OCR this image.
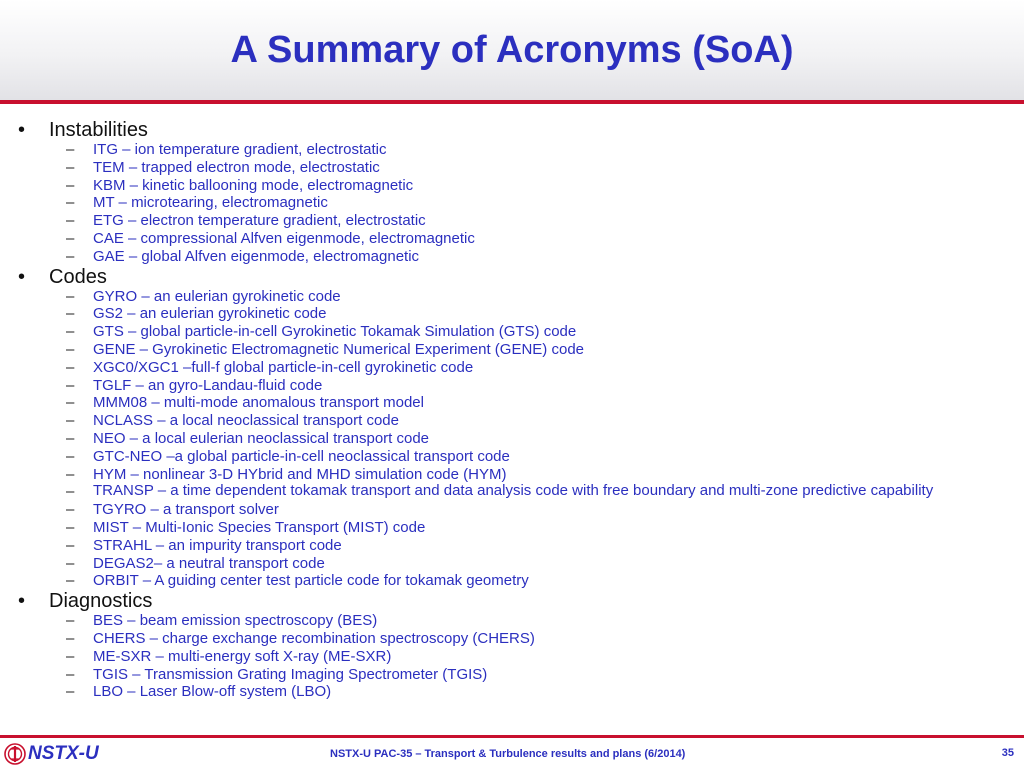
A Summary of Acronyms (SoA)
• Instabilities
– ITG – ion temperature gradient, electrostatic
– TEM – trapped electron mode, electrostatic
– KBM – kinetic ballooning mode, electromagnetic
– MT – microtearing, electromagnetic
– ETG – electron temperature gradient, electrostatic
– CAE – compressional Alfven eigenmode, electromagnetic
– GAE – global Alfven eigenmode, electromagnetic
• Codes
– GYRO – an eulerian gyrokinetic code
– GS2 – an eulerian gyrokinetic code
– GTS – global particle-in-cell Gyrokinetic Tokamak Simulation (GTS) code
– GENE – Gyrokinetic Electromagnetic Numerical Experiment (GENE) code
– XGC0/XGC1 –full-f global particle-in-cell gyrokinetic code
– TGLF – an gyro-Landau-fluid code
– MMM08 – multi-mode anomalous transport model
– NCLASS – a local neoclassical transport code
– NEO – a local eulerian neoclassical transport code
– GTC-NEO –a global particle-in-cell neoclassical transport code
– HYM – nonlinear 3-D HYbrid and MHD simulation code (HYM)
– TRANSP – a time dependent tokamak transport and data analysis code with free boundary and multi-zone predictive capability
– TGYRO – a transport solver
– MIST – Multi-Ionic Species Transport (MIST) code
– STRAHL – an impurity transport code
– DEGAS2– a neutral transport code
– ORBIT – A guiding center test particle code for tokamak geometry
• Diagnostics
– BES – beam emission spectroscopy (BES)
– CHERS – charge exchange recombination spectroscopy (CHERS)
– ME-SXR – multi-energy soft X-ray (ME-SXR)
– TGIS – Transmission Grating Imaging Spectrometer (TGIS)
– LBO – Laser Blow-off system (LBO)
NSTX-U	NSTX-U PAC-35 – Transport & Turbulence results and plans (6/2014)	35
